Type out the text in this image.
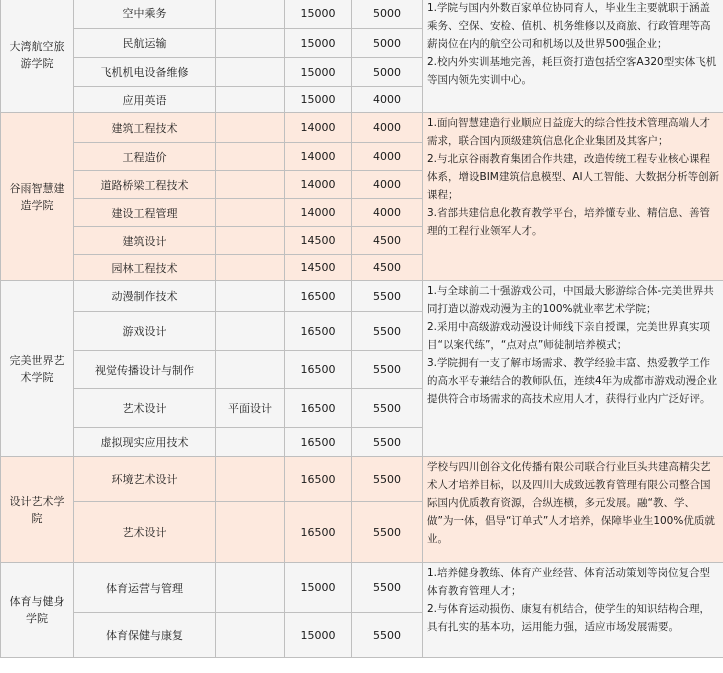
大湾航空旅游学院	空中乘务		15000	5000	1.学院与国内外数百家单位协同育人，毕业生主要就职于涵盖乘务、空保、安检、值机、机务维修以及商旅、行政管理等高薪岗位在内的航空公司和机场以及世界500强企业；
2.校内外实训基地完善，耗巨资打造包括空客A320型实体飞机等国内领先实训中心。
	民航运输		15000	5000	
	飞机机电设备维修		15000	5000	
	应用英语		15000	4000	
谷雨智慧建造学院	建筑工程技术		14000	4000	1.面向智慧建造行业顺应日益庞大的综合性技术管理高端人才需求，联合国内顶级建筑信息化企业集团及其客户；
2.与北京谷雨教育集团合作共建，改造传统工程专业核心课程体系，增设BIM建筑信息模型、AI人工智能、大数据分析等创新课程；
3.省部共建信息化教育教学平台，培养懂专业、精信息、善管理的工程行业领军人才。
	工程造价		14000	4000	
	道路桥梁工程技术		14000	4000	
	建设工程管理		14000	4000	
	建筑设计		14500	4500	
	园林工程技术		14500	4500	
完美世界艺术学院	动漫制作技术		16500	5500	1.与全球前二十强游戏公司，中国最大影游综合体-完美世界共同打造以游戏动漫为主的100%就业率艺术学院；
2.采用中高级游戏动漫设计师线下亲自授课，完美世界真实项目“以案代练”，“点对点”师徒制培养模式；
3.学院拥有一支了解市场需求、教学经验丰富、热爱教学工作的高水平专兼结合的教师队伍，连续4年为成都市游戏动漫企业提供符合市场需求的高技术应用人才，获得行业内广泛好评。
	游戏设计		16500	5500	
	视觉传播设计与制作		16500	5500	
	艺术设计	平面设计	16500	5500	
	虚拟现实应用技术		16500	5500	
设计艺术学院	环境艺术设计		16500	5500	学校与四川创谷文化传播有限公司联合行业巨头共建高精尖艺术人才培养目标，以及四川大成致远教育管理有限公司整合国际国内优质教育资源，合纵连横，多元发展。融“教、学、做”为一体，倡导“订单式”人才培养，保障毕业生100%优质就业。
	艺术设计		16500	5500	
体育与健身学院	体育运营与管理		15000	5500	1.培养健身教练、体育产业经营、体育活动策划等岗位复合型体育教育管理人才；
2.与体育运动损伤、康复有机结合，使学生的知识结构合理，具有扎实的基本功，运用能力强，适应市场发展需要。
	体育保健与康复		15000	5500	
